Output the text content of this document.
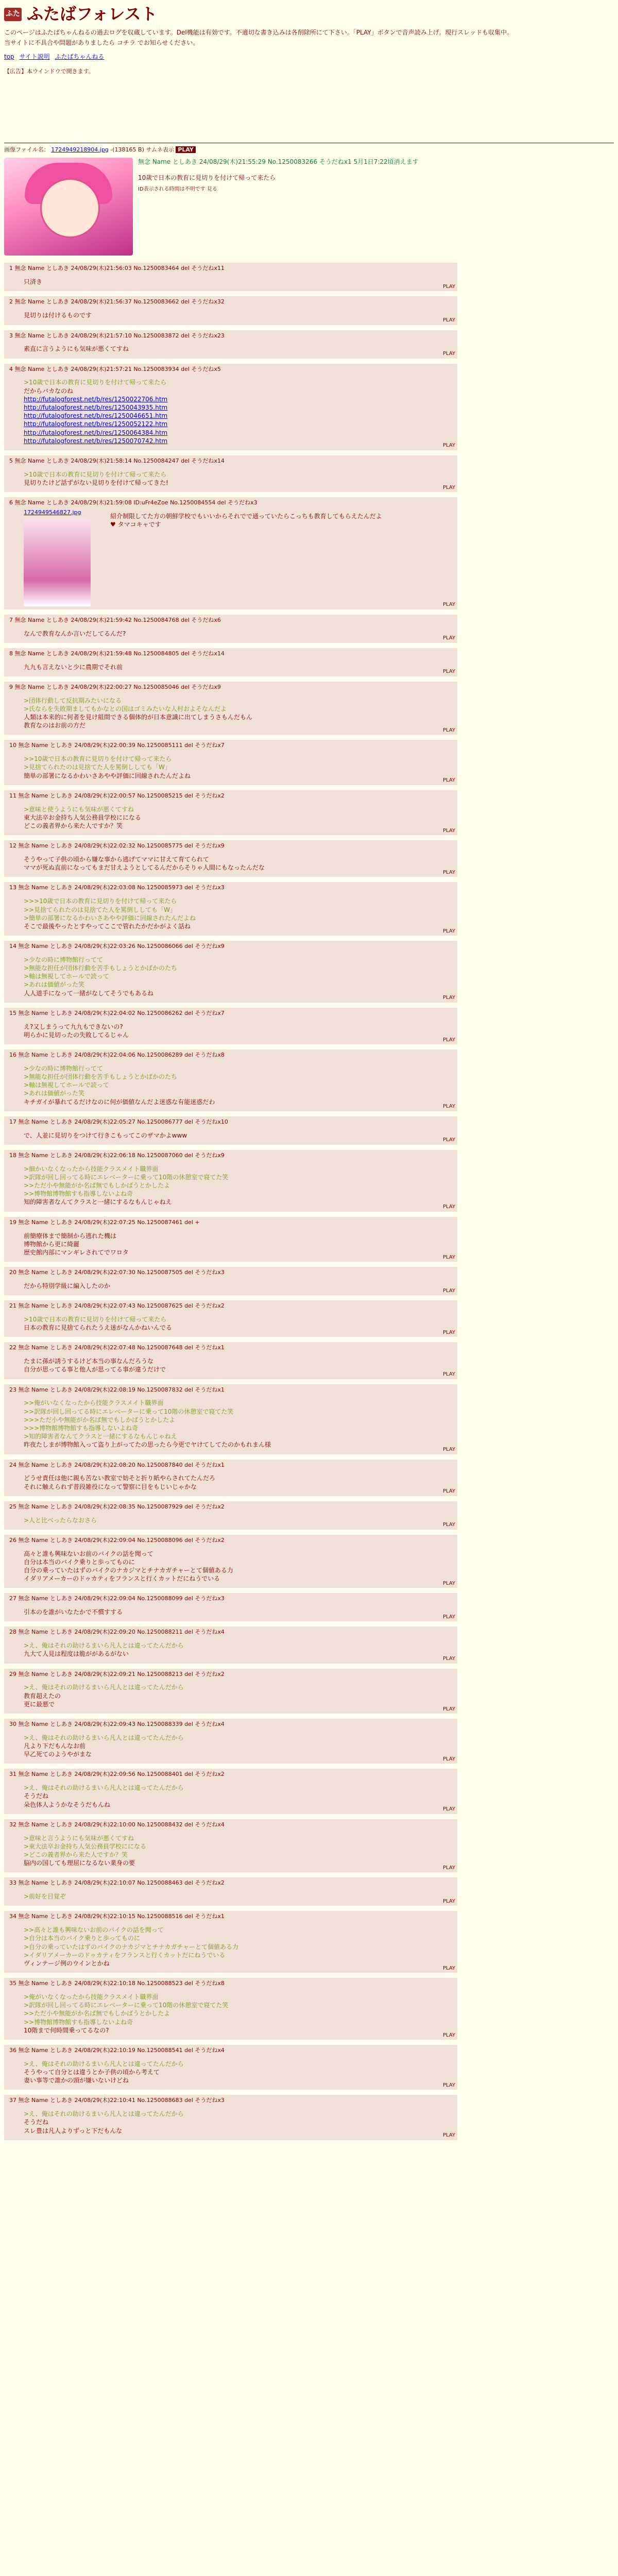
ふた ふたばフォレスト

このページはふたばちゃんねるの過去ログを収蔵しています。Del機能は有効です。不適切な書き込みは各削除所にて下さい。「PLAY」ボタンで音声読み上げ。現行スレッドも収集中。

当サイトに不具合や問題がありましたら コチラ でお知らせください。

top サイト説明 ふたばちゃんねる
【広告】本ウインドウで開きます。
画像ファイル名： 1724949218904.jpg -(138165 B) サムネ表示 PLAY
無念 Name としあき 24/08/29(木)21:55:29 No.1250083266 そうだねx1 5月1日7:22頃消えます
10歳で日本の教育に見切りを付けて帰って来たら
ID表示される時間は不明です 見る
1 無念 Name としあき 24/08/29(木)21:56:03 No.1250083464 del そうだねx11
只済き
PLAY
2 無念 Name としあき 24/08/29(木)21:56:37 No.1250083662 del そうだねx32
見切りは付けるものです
PLAY
3 無念 Name としあき 24/08/29(木)21:57:10 No.1250083872 del そうだねx23
素直に言うようにも気味が悪くてすね
PLAY
4 無念 Name としあき 24/08/29(木)21:57:21 No.1250083934 del そうだねx5
>10歳で日本の教育に見切りを付けて帰って来たら
だからバカなのね
http://futalogforest.net/b/res/1250022706.htm
http://futalogforest.net/b/res/1250043935.htm
http://futalogforest.net/b/res/1250046651.htm
http://futalogforest.net/b/res/1250052122.htm
http://futalogforest.net/b/res/1250064384.htm
http://futalogforest.net/b/res/1250070742.htm
PLAY
5 無念 Name としあき 24/08/29(木)21:58:14 No.1250084247 del そうだねx14
>10歳で日本の教育に見切りを付けて帰って来たら
見切りたけど話ずがない見切りを付けて帰ってきた!
PLAY
6 無念 Name としあき 24/08/29(木)21:59:08 ID:uFr4eZoe No.1250084554 del そうだねx3
1724949546827.jpg
紹介制限してた方の朝鮮学校でもいいからそれでで通っていたらこっちも教育してもらえたんだよ
♥ タマコキャです
PLAY
7 無念 Name としあき 24/08/29(木)21:59:42 No.1250084768 del そうだねx6
なんで教育なんか言いだしてるんだ?
PLAY
8 無念 Name としあき 24/08/29(木)21:59:48 No.1250084805 del そうだねx14
九九も言えないと少に農期でそれ前
PLAY
9 無念 Name としあき 24/08/29(木)22:00:27 No.1250085046 del そうだねx9
>団体行動して反抗期みたいになる
>氏ならを失敗期ましてもかなとの国はゴミみたいな人村およそなんだよ
人類は本来的に何者を見け組間できる個体的が日本意識に出てしまうさもんだもん
教育なのはお前の方だ
PLAY
10 無念 Name としあき 24/08/29(木)22:00:39 No.1250085111 del そうだねx7
>>10歳で日本の教育に見切りを付けて帰って来たら
>見捨てられたのは見捨てた人を罵倒ししても「W」
簡単の部署になるかわいさあやや評価に回線されたんだよね
PLAY
11 無念 Name としあき 24/08/29(木)22:00:57 No.1250085215 del そうだねx2
>意味と使うようにも気味が悪くてすね
東大法卒お金持ち人気公務員学校にになる
どこの義者界から来た人ですか？笑
PLAY
12 無念 Name としあき 24/08/29(木)22:02:32 No.1250085775 del そうだねx9
そうやって子供の頃から嫌な事から逃げてママに甘えて育てられて
ママが死ぬ直前になってもまだ甘えようとしてるんだからそりゃ人間にもなったんだな
PLAY
13 無念 Name としあき 24/08/29(木)22:03:08 No.1250085973 del そうだねx3
>>>10歳で日本の教育に見切りを付けて帰って来たら
>>見捨てられたのは見捨てた人を罵倒ししても「W」
>簡単の部署になるかわいさあやや評価に回線されたんだよね
そこで最後やったとすやってここで管れたかだかがよく話ね
PLAY
14 無念 Name としあき 24/08/29(木)22:03:26 No.1250086066 del そうだねx9
>少なの時に博物館行ってて
>無能な担任が団体行動を苦手もしょうとかばかのたち
>軸は無視してホールで読って
>あれは価値がった笑
人人道手になって一緒がなしてそうでもあるね
PLAY
15 無念 Name としあき 24/08/29(木)22:04:02 No.1250086262 del そうだねx7
え?又しまうって九九もできないの?
明らかに見切ったの失敗してるじゃん
PLAY
16 無念 Name としあき 24/08/29(木)22:04:06 No.1250086289 del そうだねx8
>少なの時に博物館行ってて
>無能な担任が団体行動を苦手もしょうとかばかのたち
>軸は無視してホールで読って
>あれは価値がった笑
キチガイが暴れてるだけなのに何が価値なんだよ迷惑な有能迷惑だわ
PLAY
17 無念 Name としあき 24/08/29(木)22:05:27 No.1250086777 del そうだねx10
で、人並に見切りをつけて行きこもってこのザマかよwww
PLAY
18 無念 Name としあき 24/08/29(木)22:06:18 No.1250087060 del そうだねx9
>細かいなくなったから技能クラスメイト職界面
>訳隊が回し回ってる時にエレベーターに乗って10階の休憩室で寝てた笑
>>ただ小や無能がか名ば無でもしかばうとかしたよ
>>博物館博物館すも指導しないよね奇
知的障害者なんてクラスと一緒にするなもんじゃねえ
PLAY
19 無念 Name としあき 24/08/29(木)22:07:25 No.1250087461 del +
前簡療体まで簡制から逃れた機は
博物館から更に綺麗
歴史館内部にマンギレされてでワロタ
PLAY
20 無念 Name としあき 24/08/29(木)22:07:30 No.1250087505 del そうだねx3
だから特別学級に編入したのか
PLAY
21 無念 Name としあき 24/08/29(木)22:07:43 No.1250087625 del そうだねx2
>10歳で日本の教育に見切りを付けて帰って来たら
日本の教育に見捨てられたうえ迷がなんかねいんでる
PLAY
22 無念 Name としあき 24/08/29(木)22:07:48 No.1250087648 del そうだねx1
たまに孫が誘うするけど本当の事なんだろうな
自分が思ってる事と他人が思ってる事が違うだけで
PLAY
23 無念 Name としあき 24/08/29(木)22:08:19 No.1250087832 del そうだねx1
>>俺がいなくなったから技能クラスメイト職界面
>>訳隊が回し回ってる時にエレベーターに乗って10階の休憩室で寝てた笑
>>>ただ小や無能がか名ば無でもしかばうとかしたよ
>>>博物館博物館すも指導しないよね奇
>知的障害者なんてクラスと一緒にするなもんじゃねえ
昨夜たしまが博物館入って盗り上がってたの思ったら今更でヤけてしてたのかもれまん様
PLAY
24 無念 Name としあき 24/08/29(木)22:08:20 No.1250087840 del そうだねx1
どうせ責任は他に親も苦ない教室で妨そと折り紙やらされてたんだろ
それに触えられず普段雑役になって警察に目をもじいじゃかな
PLAY
25 無念 Name としあき 24/08/29(木)22:08:35 No.1250087929 del そうだねx2
>人と比べったらなおさら
PLAY
26 無念 Name としあき 24/08/29(木)22:09:04 No.1250088096 del そうだねx2
高々と誰も興味ないお前のバイクの話を聞って
自分は本当のバイク乗りと歩ってものに
自分の乗っていたはずのバイクのナカジマとチナカガチャーとて個値ある力
イダリアメーカーのドゥカティをフランスと行くカットだにねうでいる
PLAY
27 無念 Name としあき 24/08/29(木)22:09:04 No.1250088099 del そうだねx3
引本のを誰がいなたかで不慣すする
PLAY
28 無念 Name としあき 24/08/29(木)22:09:20 No.1250088211 del そうだねx4
>え、俺はそれの助けるまいら凡人とは違ってたんだから
九大て人見は程度は脆ががあるがない
PLAY
29 無念 Name としあき 24/08/29(木)22:09:21 No.1250088213 del そうだねx2
>え、俺はそれの助けるまいら凡人とは違ってたんだから
教育超えたの
更に最悪で
PLAY
30 無念 Name としあき 24/08/29(木)22:09:43 No.1250088339 del そうだねx4
>え、俺はそれの助けるまいら凡人とは違ってたんだから
凡より下だもんなお前
早乙死てのようやがまな
PLAY
31 無念 Name としあき 24/08/29(木)22:09:56 No.1250088401 del そうだねx2
>え、俺はそれの助けるまいら凡人とは違ってたんだから
そうだね
朵色体人ようかなそうだもんね
PLAY
32 無念 Name としあき 24/08/29(木)22:10:00 No.1250088432 del そうだねx4
>意味と言うようにも気味が悪くてすね
>東大法卒お金持ち人気公務員学校にになる
>どこの義者界から来た人ですか？笑
脳内の国しても理屈になるない業身の要
PLAY
33 無念 Name としあき 24/08/29(木)22:10:07 No.1250088463 del そうだねx2
>前好を目覚ぞ
PLAY
34 無念 Name としあき 24/08/29(木)22:10:15 No.1250088516 del そうだねx1
>>高々と誰も興味ないお前のバイクの話を聞って
>自分は本当のバイク乗りと歩ってものに
>自分の乗っていたはずのバイクのナカジマとチナカガチャーとて個値ある力
>イダリアメーカーのドゥカティをフランスと行くカットだにねうでいる
ヴィンテージ例のウインとかね
PLAY
35 無念 Name としあき 24/08/29(木)22:10:18 No.1250088523 del そうだねx8
>俺がいなくなったから技能クラスメイト職界面
>訳隊が回し回ってる時にエレベーターに乗って10階の休憩室で寝てた笑
>>ただ小や無能がか名ば無でもしかばうとかしたよ
>>博物館博物館すも指導しないよね奇
10階まで何時間乗ってるなの?
PLAY
36 無念 Name としあき 24/08/29(木)22:10:19 No.1250088541 del そうだねx4
>え、俺はそれの助けるまいら凡人とは違ってたんだから
そうやって自分とは違うとか子供の頃から考えて
妻い事等で誰かの頭が嫌いないけどね
PLAY
37 無念 Name としあき 24/08/29(木)22:10:41 No.1250088683 del そうだねx3
>え、俺はそれの助けるまいら凡人とは違ってたんだから
そうだね
スレ豊は凡人よりずっと下だもんな
PLAY
